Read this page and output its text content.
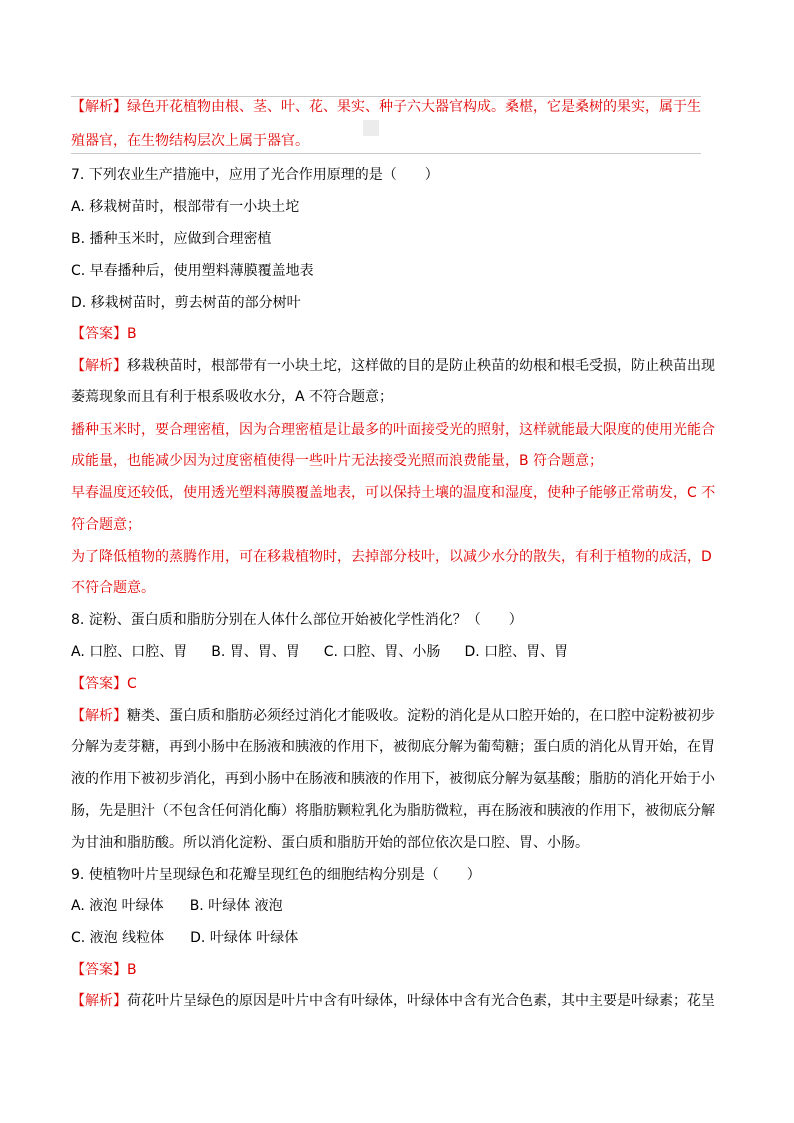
【解析】绿色开花植物由根、茎、叶、花、果实、种子六大器官构成。桑椹，它是桑树的果实，属于生
殖器官，在生物结构层次上属于器官。
7. 下列农业生产措施中，应用了光合作用原理的是（　　）
A. 移栽树苗时，根部带有一小块土坨
B. 播种玉米时，应做到合理密植
C. 早春播种后，使用塑料薄膜覆盖地表
D. 移栽树苗时，剪去树苗的部分树叶
【答案】B
【解析】移栽秧苗时，根部带有一小块土坨，这样做的目的是防止秧苗的幼根和根毛受损，防止秧苗出现
萎蔫现象而且有利于根系吸收水分，A 不符合题意；
播种玉米时，要合理密植，因为合理密植是让最多的叶面接受光的照射，这样就能最大限度的使用光能合
成能量，也能减少因为过度密植使得一些叶片无法接受光照而浪费能量，B 符合题意；
早春温度还较低，使用透光塑料薄膜覆盖地表，可以保持土壤的温度和湿度，使种子能够正常萌发，C 不
符合题意；
为了降低植物的蒸腾作用，可在移栽植物时，去掉部分枝叶，以减少水分的散失，有利于植物的成活，D
不符合题意。
8. 淀粉、蛋白质和脂肪分别在人体什么部位开始被化学性消化？（　　）
A. 口腔、口腔、胃 B. 胃、胃、胃 C. 口腔、胃、小肠 D. 口腔、胃、胃
【答案】C
【解析】糖类、蛋白质和脂肪必须经过消化才能吸收。淀粉的消化是从口腔开始的，在口腔中淀粉被初步
分解为麦芽糖，再到小肠中在肠液和胰液的作用下，被彻底分解为葡萄糖；蛋白质的消化从胃开始，在胃
液的作用下被初步消化，再到小肠中在肠液和胰液的作用下，被彻底分解为氨基酸；脂肪的消化开始于小
肠，先是胆汁（不包含任何消化酶）将脂肪颗粒乳化为脂肪微粒，再在肠液和胰液的作用下，被彻底分解
为甘油和脂肪酸。所以消化淀粉、蛋白质和脂肪开始的部位依次是口腔、胃、小肠。
9. 使植物叶片呈现绿色和花瓣呈现红色的细胞结构分别是（　　）
A. 液泡 叶绿体 B. 叶绿体 液泡
C. 液泡 线粒体 D. 叶绿体 叶绿体
【答案】B
【解析】荷花叶片呈绿色的原因是叶片中含有叶绿体，叶绿体中含有光合色素，其中主要是叶绿素；花呈
